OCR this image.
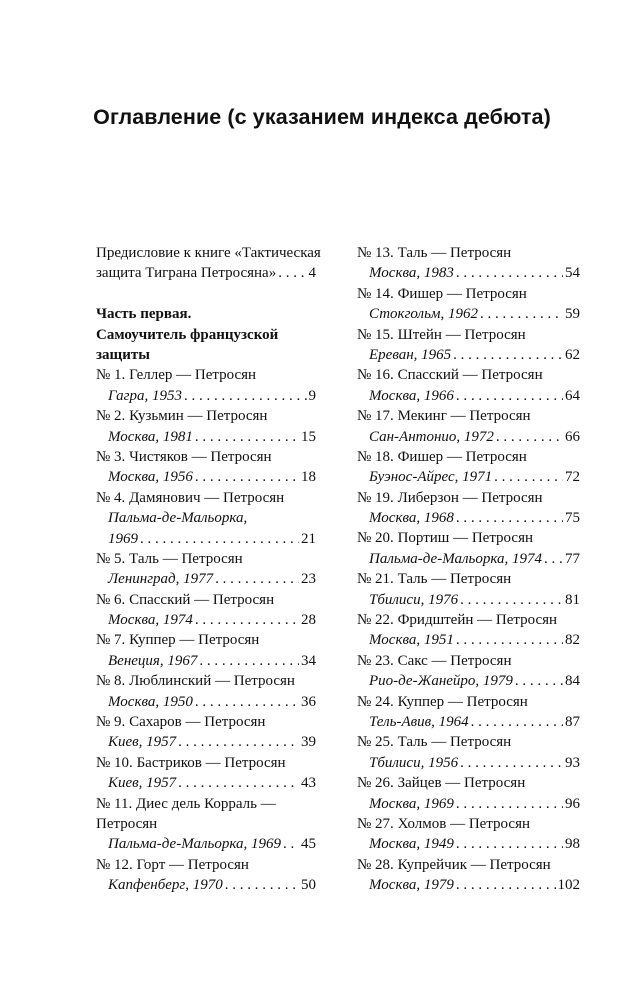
Оглавление (с указанием индекса дебюта)
Предисловие к книге «Тактическая
защита Тиграна Петросяна» . . . 4
Часть первая.
Самоучитель французской
защиты
№ 1. Геллер — Петросян
Гагра, 1953 . . .	9
№ 2. Кузьмин — Петросян
Москва, 1981 . . .	15
№ 3. Чистяков — Петросян
Москва, 1956 . . .	18
№ 4. Дамянович — Петросян
Пальма-де-Мальорка,
1969 . . .	21
№ 5. Таль — Петросян
Ленинград, 1977 . . .	23
№ 6. Спасский — Петросян
Москва, 1974 . . .	28
№ 7. Куппер — Петросян
Венеция, 1967 . . .	34
№ 8. Люблинский — Петросян
Москва, 1950 . . .	36
№ 9. Сахаров — Петросян
Киев, 1957 . . .	39
№ 10. Бастриков — Петросян
Киев, 1957 . . .	43
№ 11. Диес дель Корраль —
Петросян
Пальма-де-Мальорка, 1969 . . . 45
№ 12. Горт — Петросян
Капфенберг, 1970 . . .	50
№ 13. Таль — Петросян
Москва, 1983 . . .	54
№ 14. Фишер — Петросян
Стокгольм, 1962 . . .	59
№ 15. Штейн — Петросян
Ереван, 1965 . . .	62
№ 16. Спасский — Петросян
Москва, 1966 . . .	64
№ 17. Мекинг — Петросян
Сан-Антонио, 1972 . . .	66
№ 18. Фишер — Петросян
Буэнос-Айрес, 1971 . . .	72
№ 19. Либерзон — Петросян
Москва, 1968 . . .	75
№ 20. Портиш — Петросян
Пальма-де-Мальорка, 1974 . . . 77
№ 21. Таль — Петросян
Тбилиси, 1976 . . .	81
№ 22. Фридштейн — Петросян
Москва, 1951 . . .	82
№ 23. Сакс — Петросян
Рио-де-Жанейро, 1979 . . .	84
№ 24. Куппер — Петросян
Тель-Авив, 1964 . . .	87
№ 25. Таль — Петросян
Тбилиси, 1956 . . .	93
№ 26. Зайцев — Петросян
Москва, 1969 . . .	96
№ 27. Холмов — Петросян
Москва, 1949 . . .	98
№ 28. Купрейчик — Петросян
Москва, 1979 . . .	102
